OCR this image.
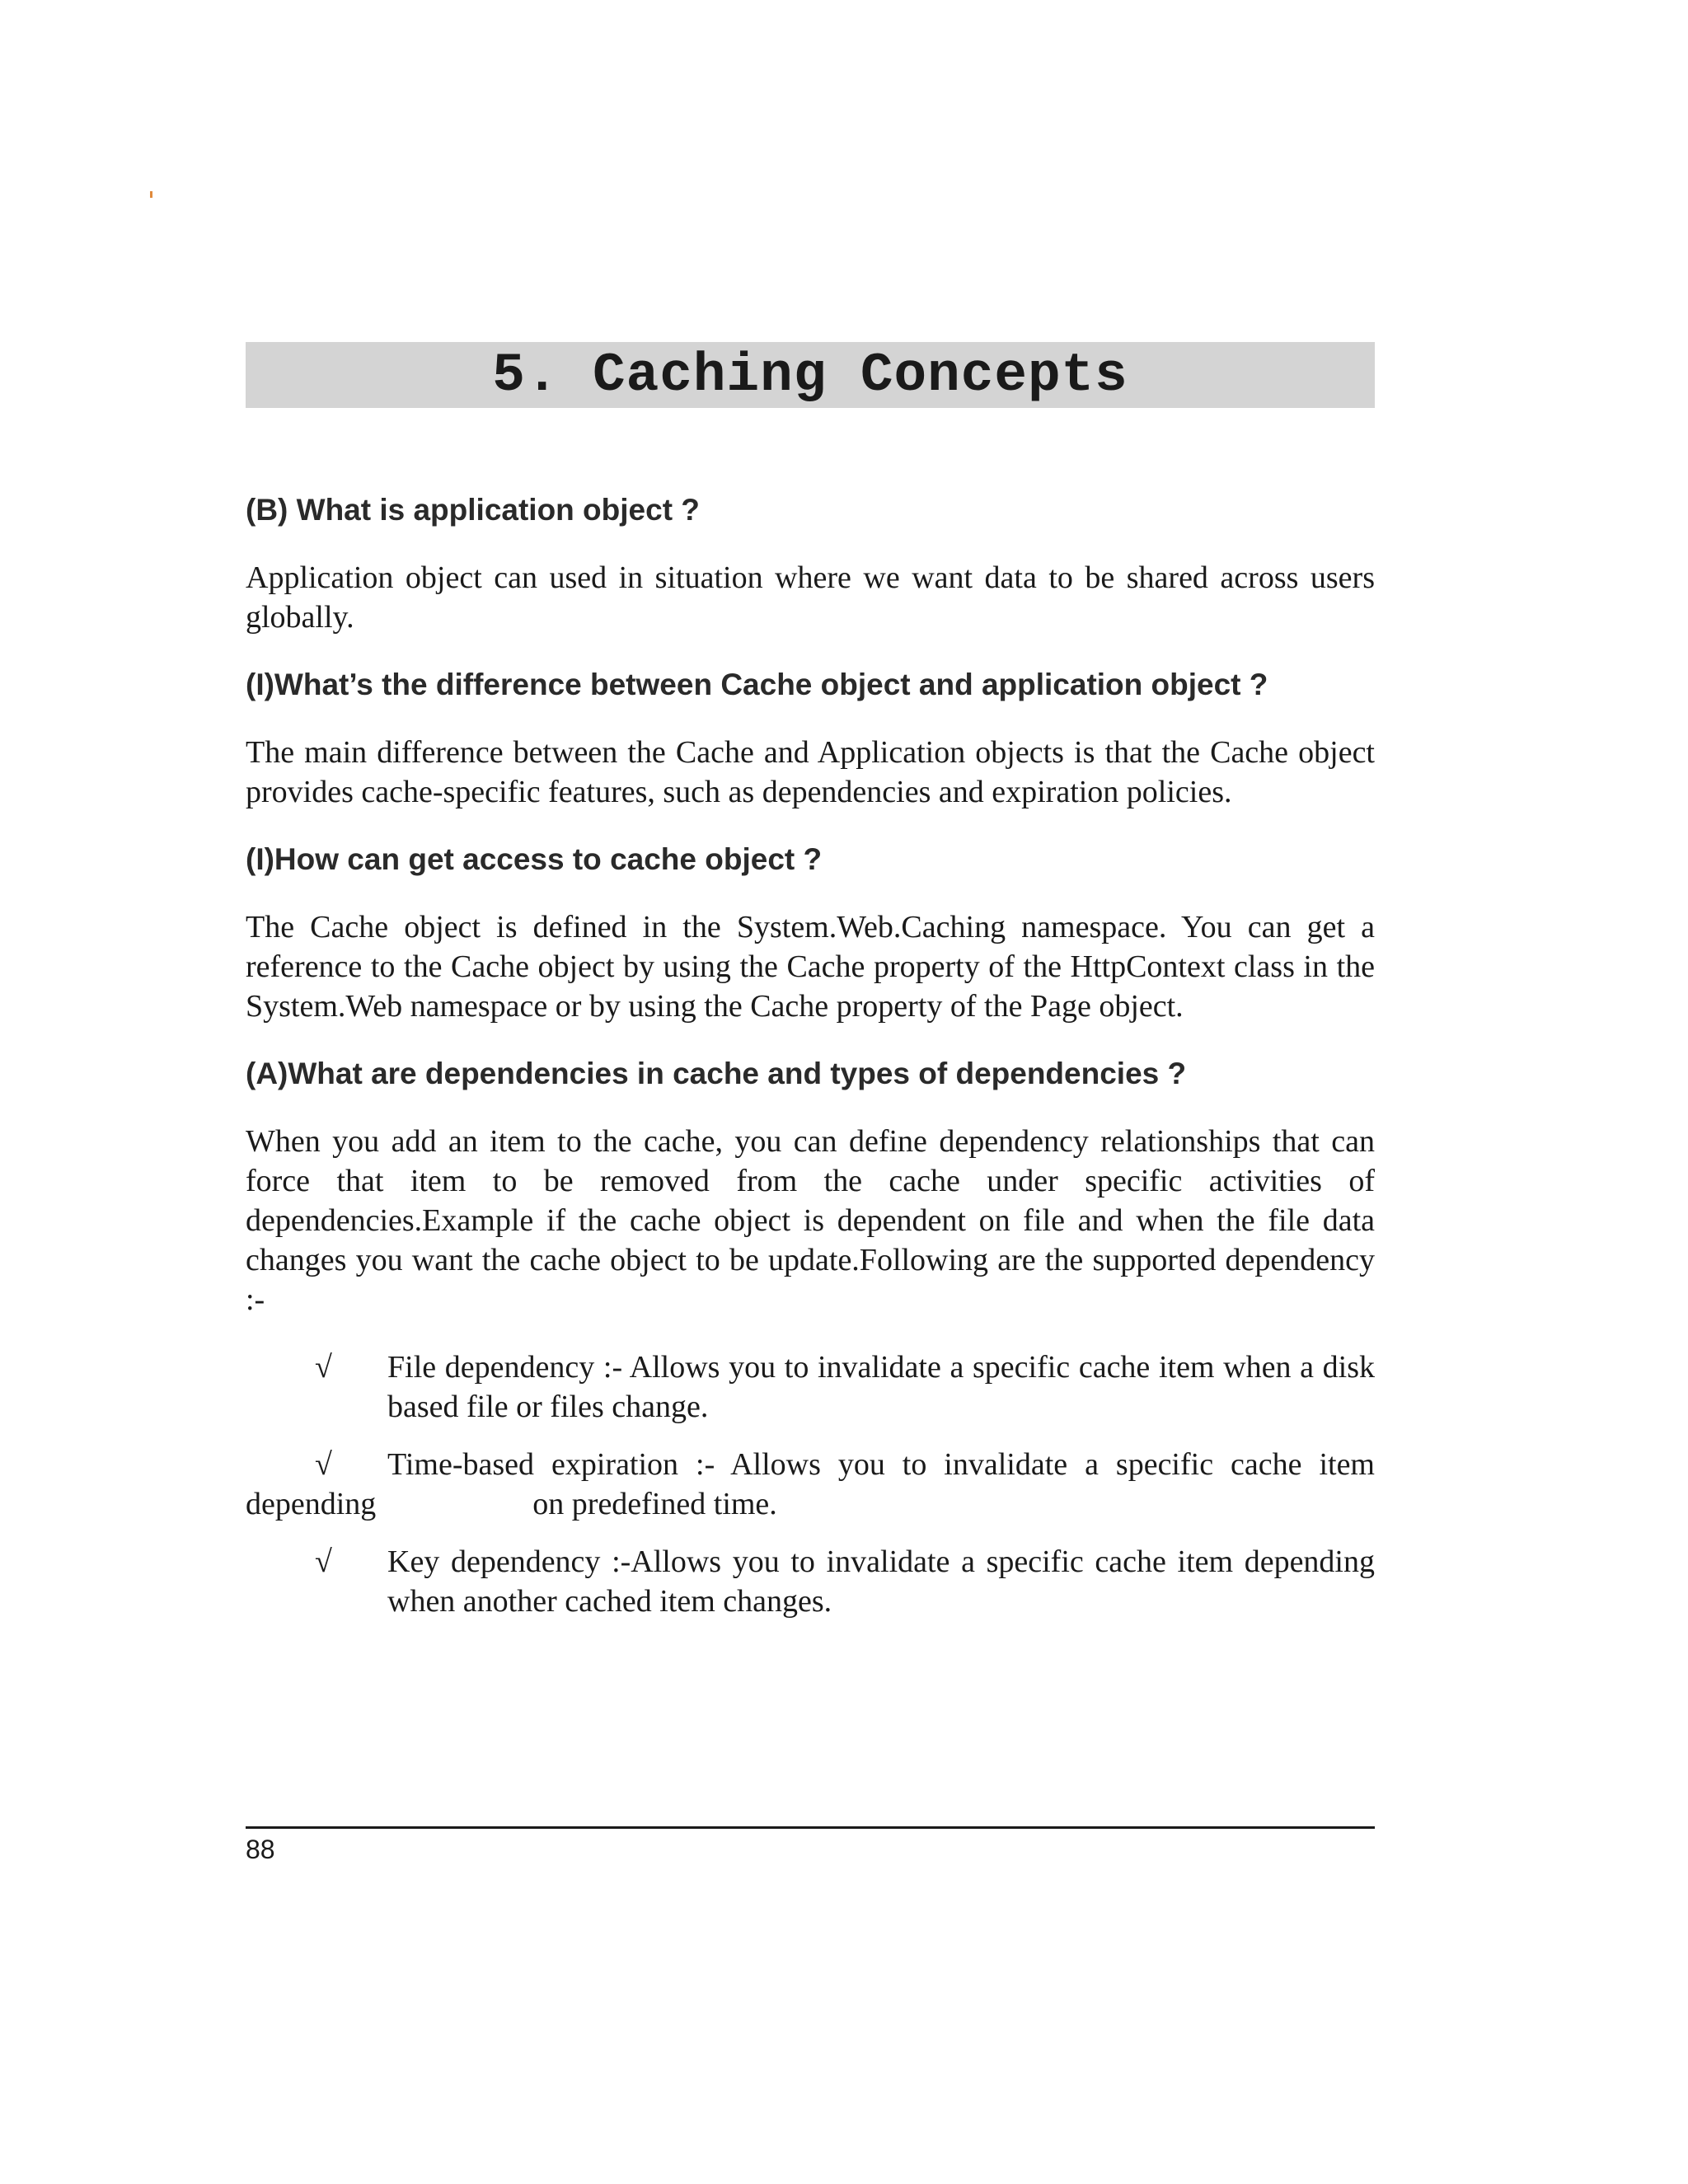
5. Caching Concepts
(B) What is application object ?

Application object can used in situation where we want data to be shared across users globally.

(I)What’s the difference between Cache object and application object ?

The main difference between the Cache and Application objects is that the Cache object provides cache-specific features, such as dependencies and expiration policies.

(I)How can get access to cache object ?

The Cache object is defined in the System.Web.Caching namespace. You can get a reference to the Cache object by using the Cache property of the HttpContext class in the System.Web namespace or by using the Cache property of the Page object.

(A)What are dependencies in cache and types of dependencies ?

When you add an item to the cache, you can define dependency relationships that can force that item to be removed from the cache under specific activities of dependencies.Example if the cache object is dependent on file and when the file data changes you want the cache object to be update.Following are the supported dependency :-

√	File dependency :- Allows you to invalidate a specific cache item when a disk based file or files change.
√	Time-based expiration :- Allows you to invalidate a specific cache item depending                    on predefined time.
√	Key dependency :-Allows you to invalidate a specific cache item depending when another cached item changes.
88
